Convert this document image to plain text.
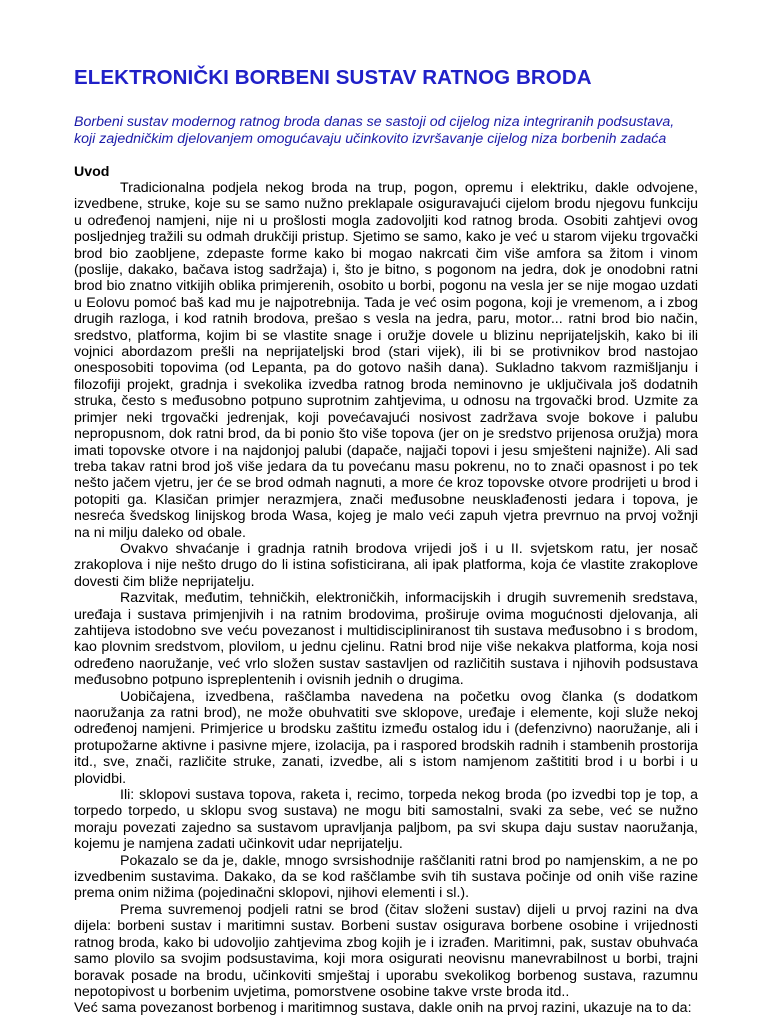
ELEKTRONIČKI BORBENI SUSTAV RATNOG BRODA

Borbeni sustav modernog ratnog broda danas se sastoji od cijelog niza integriranih podsustava, koji zajedničkim djelovanjem omogućavaju učinkovito izvršavanje cijelog niza borbenih zadaća

Uvod

Tradicionalna podjela nekog broda na trup, pogon, opremu i elektriku, dakle odvojene, izvedbene, struke, koje su se samo nužno preklapale osiguravajući cijelom brodu njegovu funkciju u određenoj namjeni, nije ni u prošlosti mogla zadovoljiti kod ratnog broda. Osobiti zahtjevi ovog posljednjeg tražili su odmah drukčiji pristup. Sjetimo se samo, kako je već u starom vijeku trgovački brod bio zaobljene, zdepaste forme kako bi mogao nakrcati čim više amfora sa žitom i vinom (poslije, dakako, bačava istog sadržaja) i, što je bitno, s pogonom na jedra, dok je onodobni ratni brod bio znatno vitkijih oblika primjerenih, osobito u borbi, pogonu na vesla jer se nije mogao uzdati u Eolovu pomoć baš kad mu je najpotrebnija. Tada je već osim pogona, koji je vremenom, a i zbog drugih razloga, i kod ratnih brodova, prešao s vesla na jedra, paru, motor... ratni brod bio način, sredstvo, platforma, kojim bi se vlastite snage i oružje dovele u blizinu neprijateljskih, kako bi ili vojnici abordazom prešli na neprijateljski brod (stari vijek), ili bi se protivnikov brod nastojao onesposobiti topovima (od Lepanta, pa do gotovo naših dana). Sukladno takvom razmišljanju i filozofiji projekt, gradnja i svekolika izvedba ratnog broda neminovno je uključivala još dodatnih struka, često s međusobno potpuno suprotnim zahtjevima, u odnosu na trgovački brod. Uzmite za primjer neki trgovački jedrenjak, koji povećavajući nosivost zadržava svoje bokove i palubu nepropusnom, dok ratni brod, da bi ponio što više topova (jer on je sredstvo prijenosa oružja) mora imati topovske otvore i na najdonjoj palubi (dapače, najjači topovi i jesu smješteni najniže). Ali sad treba takav ratni brod još više jedara da tu povećanu masu pokrenu, no to znači opasnost i po tek nešto jačem vjetru, jer će se brod odmah nagnuti, a more će kroz topovske otvore prodrijeti u brod i potopiti ga. Klasičan primjer nerazmjera, znači međusobne neusklađenosti jedara i topova, je nesreća švedskog linijskog broda Wasa, kojeg je malo veći zapuh vjetra prevrnuo na prvoj vožnji na ni milju daleko od obale.

Ovakvo shvaćanje i gradnja ratnih brodova vrijedi još i u II. svjetskom ratu, jer nosač zrakoplova i nije nešto drugo do li istina sofisticirana, ali ipak platforma, koja će vlastite zrakoplove dovesti čim bliže neprijatelju.

Razvitak, međutim, tehničkih, elektroničkih, informacijskih i drugih suvremenih sredstava, uređaja i sustava primjenjivih i na ratnim brodovima, proširuje ovima mogućnosti djelovanja, ali zahtijeva istodobno sve veću povezanost i multidiscipliniranost tih sustava međusobno i s brodom, kao plovnim sredstvom, plovilom, u jednu cjelinu. Ratni brod nije više nekakva platforma, koja nosi određeno naoružanje, već vrlo složen sustav sastavljen od različitih sustava i njihovih podsustava međusobno potpuno ispreplentenih i ovisnih jednih o drugima.

Uobičajena, izvedbena, raščlamba navedena na početku ovog članka (s dodatkom naoružanja za ratni brod), ne može obuhvatiti sve sklopove, uređaje i elemente, koji služe nekoj određenoj namjeni. Primjerice u brodsku zaštitu između ostalog idu i (defenzivno) naoružanje, ali i protupožarne aktivne i pasivne mjere, izolacija, pa i raspored brodskih radnih i stambenih prostorija itd., sve, znači, različite struke, zanati, izvedbe, ali s istom namjenom zaštititi brod i u borbi i u plovidbi.

Ili: sklopovi sustava topova, raketa i, recimo, torpeda nekog broda (po izvedbi top je top, a torpedo torpedo, u sklopu svog sustava) ne mogu biti samostalni, svaki za sebe, već se nužno moraju povezati zajedno sa sustavom upravljanja paljbom, pa svi skupa daju sustav naoružanja, kojemu je namjena zadati učinkovit udar neprijatelju.

Pokazalo se da je, dakle, mnogo svrsishodnije raščlaniti ratni brod po namjenskim, a ne po izvedbenim sustavima. Dakako, da se kod raščlambe svih tih sustava počinje od onih više razine prema onim nižima (pojedinačni sklopovi, njihovi elementi i sl.).

Prema suvremenoj podjeli ratni se brod (čitav složeni sustav) dijeli u prvoj razini na dva dijela: borbeni sustav i maritimni sustav. Borbeni sustav osigurava borbene osobine i vrijednosti ratnog broda, kako bi udovoljio zahtjevima zbog kojih je i izrađen. Maritimni, pak, sustav obuhvaća samo plovilo sa svojim podsustavima, koji mora osigurati neovisnu manevrabilnost u borbi, trajni boravak posade na brodu, učinkoviti smještaj i uporabu svekolikog borbenog sustava, razumnu nepotopivost u borbenim uvjetima, pomorstvene osobine takve vrste broda itd..

Već sama povezanost borbenog i maritimnog sustava, dakle onih na prvoj razini, ukazuje na to da:
